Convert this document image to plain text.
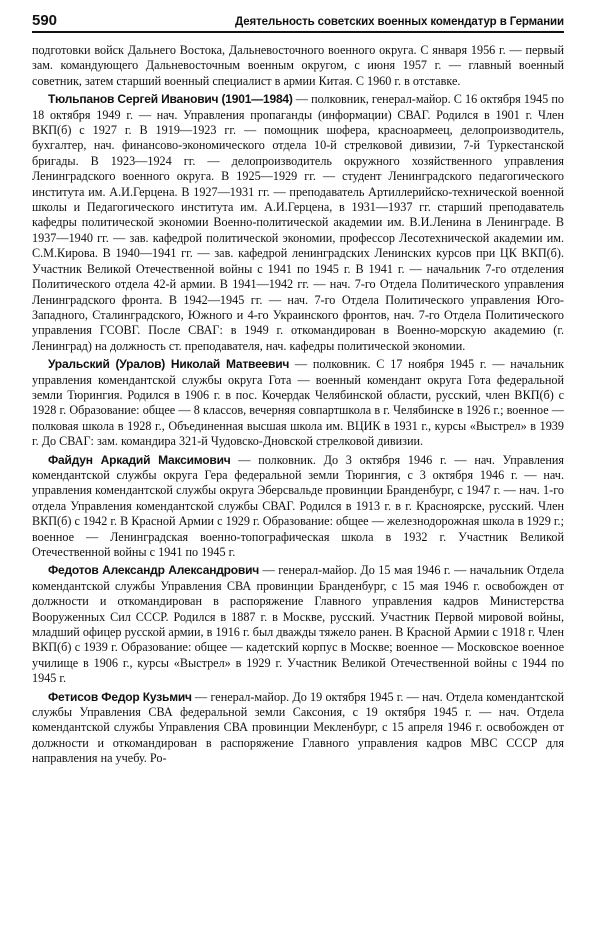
590	Деятельность советских военных комендатур в Германии

подготовки войск Дальнего Востока, Дальневосточного военного округа. С января 1956 г. — первый зам. командующего Дальневосточным военным округом, с июня 1957 г. — главный военный советник, затем старший военный специалист в армии Китая. С 1960 г. в отставке.

Тюльпанов Сергей Иванович (1901—1984) — полковник, генерал-майор. С 16 октября 1945 по 18 октября 1949 г. — нач. Управления пропаганды (информации) СВАГ. Родился в 1901 г. Член ВКП(б) с 1927 г. В 1919—1923 гг. — помощник шофера, красноармеец, делопроизводитель, бухгалтер, нач. финансово-экономического отдела 10-й стрелковой дивизии, 7-й Туркестанской бригады. В 1923—1924 гг. — делопроизводитель окружного хозяйственного управления Ленинградского военного округа. В 1925—1929 гг. — студент Ленинградского педагогического института им. А.И.Герцена. В 1927—1931 гг. — преподаватель Артиллерийско-технической военной школы и Педагогического института им. А.И.Герцена, в 1931—1937 гг. старший преподаватель кафедры политической экономии Военно-политической академии им. В.И.Ленина в Ленинграде. В 1937—1940 гг. — зав. кафедрой политической экономии, профессор Лесотехнической академии им. С.М.Кирова. В 1940—1941 гг. — зав. кафедрой ленинградских Ленинских курсов при ЦК ВКП(б). Участник Великой Отечественной войны с 1941 по 1945 г. В 1941 г. — начальник 7-го отделения Политического отдела 42-й армии. В 1941—1942 гг. — нач. 7-го Отдела Политического управления Ленинградского фронта. В 1942—1945 гг. — нач. 7-го Отдела Политического управления Юго-Западного, Сталинградского, Южного и 4-го Украинского фронтов, нач. 7-го Отдела Политического управления ГСОВГ. После СВАГ: в 1949 г. откомандирован в Военно-морскую академию (г. Ленинград) на должность ст. преподавателя, нач. кафедры политической экономии.

Уральский (Уралов) Николай Матвеевич — полковник. С 17 ноября 1945 г. — начальник управления комендантской службы округа Гота — военный комендант округа Гота федеральной земли Тюрингия. Родился в 1906 г. в пос. Кочердак Челябинской области, русский, член ВКП(б) с 1928 г. Образование: общее — 8 классов, вечерняя совпартшкола в г. Челябинске в 1926 г.; военное — полковая школа в 1928 г., Объединенная высшая школа им. ВЦИК в 1931 г., курсы «Выстрел» в 1939 г. До СВАГ: зам. командира 321-й Чудовско-Дновской стрелковой дивизии.

Файдун Аркадий Максимович — полковник. До 3 октября 1946 г. — нач. Управления комендантской службы округа Гера федеральной земли Тюрингия, с 3 октября 1946 г. — нач. управления комендантской службы округа Эберсвальде провинции Бранденбург, с 1947 г. — нач. 1-го отдела Управления комендантской службы СВАГ. Родился в 1913 г. в г. Красноярске, русский. Член ВКП(б) с 1942 г. В Красной Армии с 1929 г. Образование: общее — железнодорожная школа в 1929 г.; военное — Ленинградская военно-топографическая школа в 1932 г. Участник Великой Отечественной войны с 1941 по 1945 г.

Федотов Александр Александрович — генерал-майор. До 15 мая 1946 г. — начальник Отдела комендантской службы Управления СВА провинции Бранденбург, с 15 мая 1946 г. освобожден от должности и откомандирован в распоряжение Главного управления кадров Министерства Вооруженных Сил СССР. Родился в 1887 г. в Москве, русский. Участник Первой мировой войны, младший офицер русской армии, в 1916 г. был дважды тяжело ранен. В Красной Армии с 1918 г. Член ВКП(б) с 1939 г. Образование: общее — кадетский корпус в Москве; военное — Московское военное училище в 1906 г., курсы «Выстрел» в 1929 г. Участник Великой Отечественной войны с 1944 по 1945 г.

Фетисов Федор Кузьмич — генерал-майор. До 19 октября 1945 г. — нач. Отдела комендантской службы Управления СВА федеральной земли Саксония, с 19 октября 1945 г. — нач. Отдела комендантской службы Управления СВА провинции Мекленбург, с 15 апреля 1946 г. освобожден от должности и откомандирован в распоряжение Главного управления кадров МВС СССР для направления на учебу. Ро-
